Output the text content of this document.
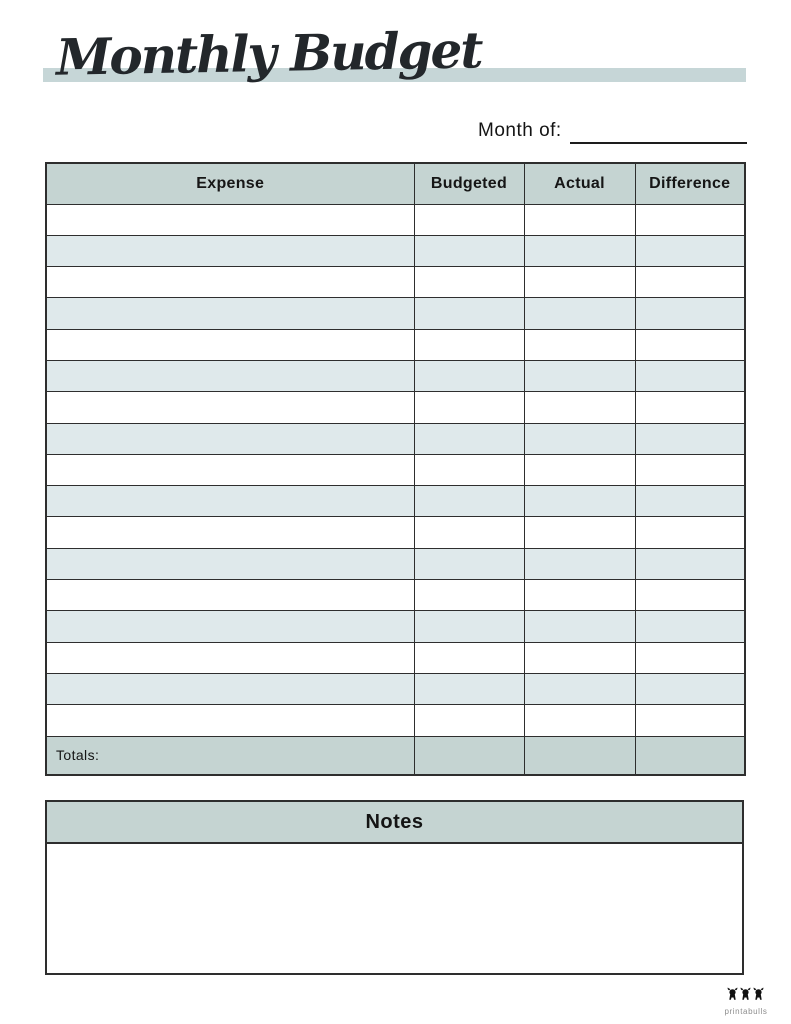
Monthly Budget
Month of:
Expense	Budgeted	Actual	Difference

Totals:			
Notes
printabulls
